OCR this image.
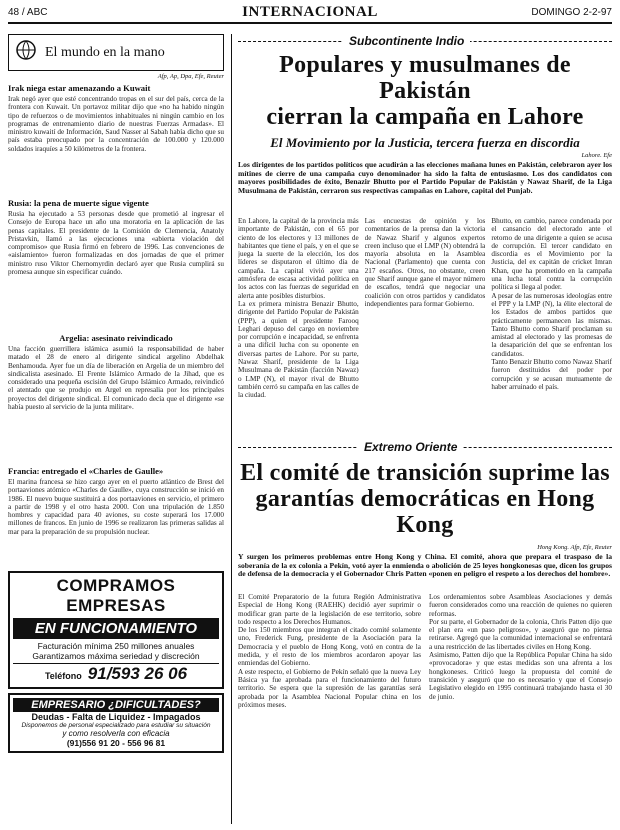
48 / ABC	INTERNACIONAL	DOMINGO 2-2-97
El mundo en la mano
Afp, Ap, Dpa, Efe, Reuter
Irak niega estar amenazando a Kuwait
Irak negó ayer que esté concentrando tropas en el sur del país, cerca de la frontera con Kuwait. Un portavoz militar dijo que «no ha habido ningún tipo de refuerzos o de movimientos inhabituales ni ningún cambio en los programas de entrenamiento diario de nuestras Fuerzas Armadas». El ministro kuwaití de Información, Saud Nasser al Sabah había dicho que su país estaba preocupado por la concentración de 100.000 y 120.000 soldados iraquíes a 50 kilómetros de la frontera.
Rusia: la pena de muerte sigue vigente
Rusia ha ejecutado a 53 personas desde que prometió al ingresar el Consejo de Europa hace un año una moratoria en la aplicación de las penas capitales. El presidente de la Comisión de Clemencia, Anatoly Pristavkin, llamó a las ejecuciones una «abierta violación del compromiso» que Rusia firmó en febrero de 1996. Las convenciones de «aislamiento» fueron formalizadas en dos jornadas de que el primer ministro ruso Viktor Chernomyrdin declaró ayer que Rusia cumplirá su promesa aunque sin especificar cuándo.
Argelia: asesinato reivindicado
Una facción guerrillera islámica asumió la responsabilidad de haber matado el 28 de enero al dirigente sindical argelino Abdelhak Benhamouda. Ayer fue un día de liberación en Argelia de un miembro del sindicalista asesinado. El Frente Islámico Armado de la Jihad, que es considerado una pequeña escisión del Grupo Islámico Armado, reivindicó el atentado que se produjo en Argel en represalia por los principales proyectos del dirigente sindical. El comunicado decía que el dirigente «se había puesto al servicio de la junta militar».
Francia: entregado el «Charles de Gaulle»
El marina francesa se hizo cargo ayer en el puerto atlántico de Brest del portaaviones atómico «Charles de Gaulle», cuya construcción se inició en 1986. El nuevo buque sustituirá a dos portaaviones en servicio, el primero a partir de 1998 y el otro hasta 2000. Con una tripulación de 1.850 hombres y capacidad para 40 aviones, su coste superará los 17.000 millones de francos. En junio de 1996 se realizaron las primeras salidas al mar para la preparación de su propulsión nuclear.
COMPRAMOS EMPRESAS
EN FUNCIONAMIENTO
Facturación mínima 250 millones anuales
Garantizamos máxima seriedad y discreción
Teléfono 91/593 26 06
EMPRESARIO ¿DIFICULTADES?
Deudas - Falta de Liquidez - Impagados
Disponemos de personal especializado para estudiar su situación
y como resolverla con eficacia
(91)556 91 20 - 556 96 81
Subcontinente Indio
Populares y musulmanes de Pakistán
cierran la campaña en Lahore
El Movimiento por la Justicia, tercera fuerza en discordia
Lahore. Efe
Los dirigentes de los partidos políticos que acudirán a las elecciones mañana lunes en Pakistán, celebraron ayer los mítines de cierre de una campaña cuyo denominador ha sido la falta de entusiasmo. Los dos candidatos con mayores posibilidades de éxito, Benazir Bhutto por el Partido Popular de Pakistán y Nawaz Sharif, de la Liga Musulmana de Pakistán, cerraron sus respectivas campañas en Lahore, capital del Punjab.
En Lahore, la capital de la provincia más importante de Pakistán, con el 65 por ciento de los electores y 13 millones de habitantes que tiene el país, y en el que se juega la suerte de la elección, los dos líderes se disputaron el último día de campaña. La capital vivió ayer una atmósfera de escasa actividad política en los actos con las fuerzas de seguridad en alerta ante posibles disturbios.
La ex primera ministra Benazir Bhutto, dirigente del Partido Popular de Pakistán (PPP), a quien el presidente Farooq Leghari depuso del cargo en noviembre por corrupción e incapacidad, se enfrenta a una difícil lucha con su oponente en diversas partes de Lahore. Por su parte, Nawaz Sharif, presidente de la Liga Musulmana de Pakistán (facción Nawaz) o LMP (N), el mayor rival de Bhutto también cerró su campaña en las calles de la ciudad.
Las encuestas de opinión y los comentarios de la prensa dan la victoria de Nawaz Sharif y algunos expertos creen incluso que el LMP (N) obtendrá la mayoría absoluta en la Asamblea Nacional (Parlamento) que cuenta con 217 escaños. Otros, no obstante, creen que Sharif aunque gane el mayor número de escaños, tendrá que negociar una coalición con otros partidos y candidatos independientes para formar Gobierno.
Bhutto, en cambio, parece condenada por el cansancio del electorado ante el retorno de una dirigente a quien se acusa de corrupción. El tercer candidato en discordia es el Movimiento por la Justicia, del ex capitán de cricket Imran Khan, que ha prometido en la campaña una lucha total contra la corrupción política si llega al poder.
A pesar de las numerosas ideologías entre el PPP y la LMP (N), la élite electoral de los Estados de ambos partidos que prácticamente permanecen las mismas. Tanto Bhutto como Sharif proclaman su amistad al electorado y las promesas de la desaparición del que se enfrentan los candidatos.
Tanto Benazir Bhutto como Nawaz Sharif fueron destituidos del poder por corrupción y se acusan mutuamente de haber arruinado el país.
Extremo Oriente
El comité de transición suprime las
garantías democráticas en Hong Kong
Hong Kong. Afp, Efe, Reuter
Y surgen los primeros problemas entre Hong Kong y China. El comité, ahora que prepara el traspaso de la soberanía de la ex colonia a Pekín, votó ayer la enmienda o abolición de 25 leyes hongkonesas que, dicen los grupos de defensa de la democracia y el Gobernador Chris Patten «ponen en peligro el respeto a los derechos del hombre».
El Comité Preparatorio de la futura Región Administrativa Especial de Hong Kong (RAEHK) decidió ayer suprimir o modificar gran parte de la legislación de ese territorio, sobre todo respecto a los Derechos Humanos.
De los 150 miembros que integran el citado comité solamente uno, Frederick Fung, presidente de la Asociación para la Democracia y el pueblo de Hong Kong, votó en contra de la medida, y el resto de los miembros acordaron apoyar las enmiendas del Gobierno.
A este respecto, el Gobierno de Pekín señaló que la nueva Ley Básica ya fue aprobada para el funcionamiento del futuro territorio. Se espera que la supresión de las garantías será aprobada por la Asamblea Nacional Popular china en los próximos meses.
Los ordenamientos sobre Asambleas Asociaciones y demás fueron considerados como una reacción de quienes no quieren reformas.
Por su parte, el Gobernador de la colonia, Chris Patten dijo que el plan era «un paso peligroso», y aseguró que no piensa retirarse. Agregó que la comunidad internacional se enfrentará a una restricción de las libertades civiles en Hong Kong.
Asimismo, Patten dijo que la República Popular China ha sido «provocadora» y que estas medidas son una afrenta a los hongkoneses. Criticó luego la propuesta del comité de transición y aseguró que no es necesario y que el Consejo Legislativo elegido en 1995 continuará trabajando hasta el 30 de junio.
